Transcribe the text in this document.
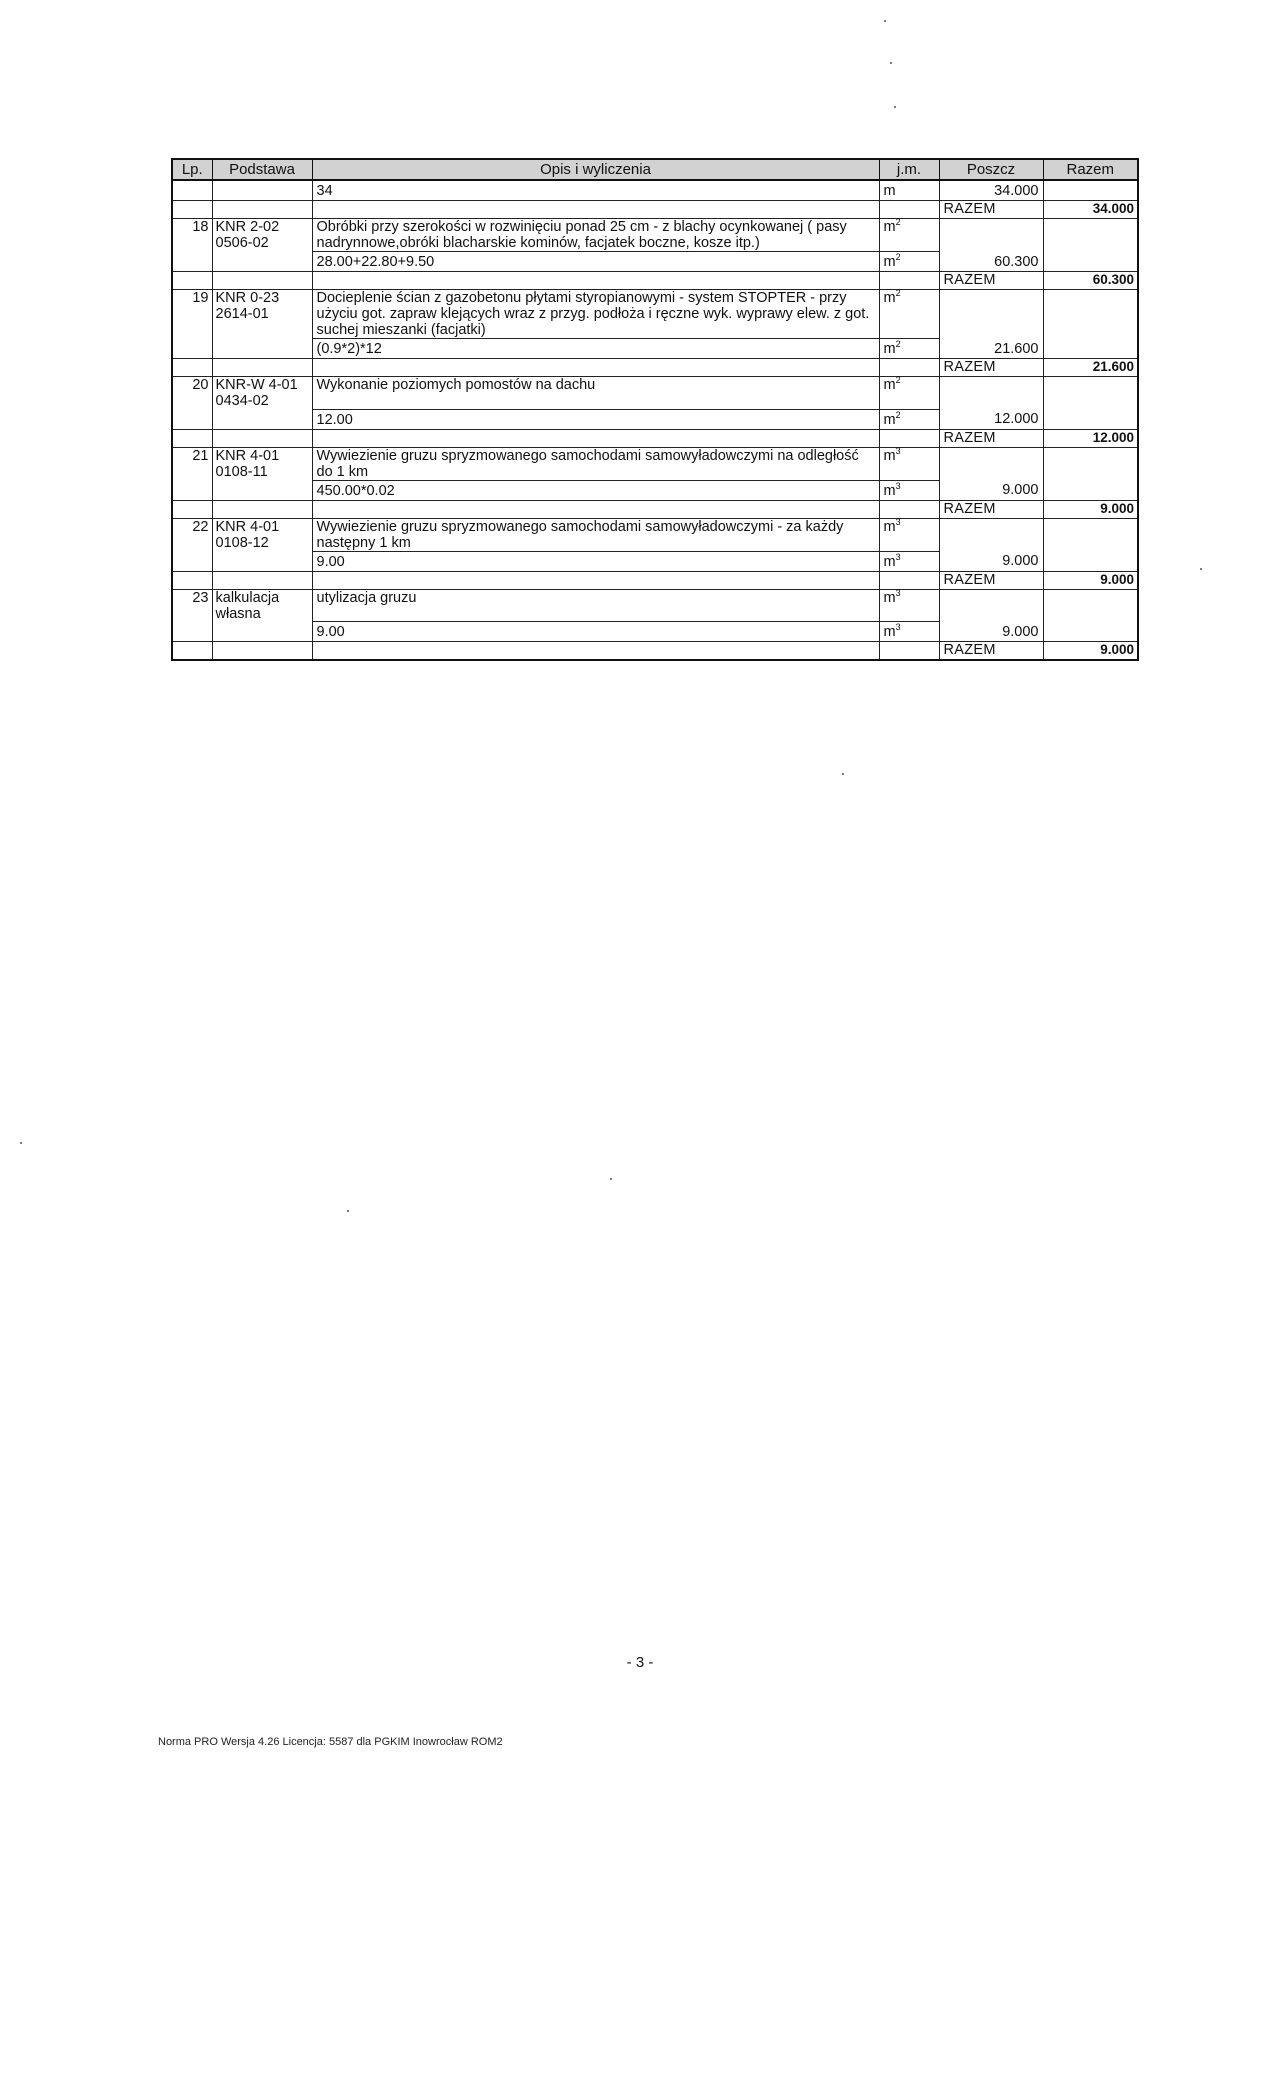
Lp.	Podstawa	Opis i wyliczenia	j.m.	Poszcz	Razem
		34	m	34.000	
				RAZEM	34.000
18	KNR 2-02 0506-02	Obróbki przy szerokości w rozwinięciu ponad 25 cm - z blachy ocynkowanej ( pasy nadrynnowe,obróki blacharskie kominów, facjatek boczne, kosze itp.)	$m^2$		
		28.00+22.80+9.50	$m^2$	60.300	
				RAZEM	60.300
19	KNR 0-23 2614-01	Docieplenie ścian z gazobetonu płytami styropianowymi - system STOPTER - przy użyciu got. zapraw klejących wraz z przyg. podłoża i ręczne wyk. wyprawy elew. z got. suchej mieszanki (facjatki)	$m^2$		
		(0.9*2)*12	$m^2$	21.600	
				RAZEM	21.600
20	KNR-W 4-01 0434-02	Wykonanie poziomych pomostów na dachu	$m^2$		
		12.00	$m^2$	12.000	
				RAZEM	12.000
21	KNR 4-01 0108-11	Wywiezienie gruzu spryzmowanego samochodami samowyładowczymi na odległość do 1 km	$m^3$		
		450.00*0.02	$m^3$	9.000	
				RAZEM	9.000
22	KNR 4-01 0108-12	Wywiezienie gruzu spryzmowanego samochodami samowyładowczymi - za każdy następny 1 km	$m^3$		
		9.00	$m^3$	9.000	
				RAZEM	9.000
23	kalkulacja własna	utylizacja gruzu	$m^3$		
		9.00	$m^3$	9.000	
				RAZEM	9.000
- 3 -
Norma PRO Wersja 4.26 Licencja: 5587 dla PGKIM Inowrocław ROM2
